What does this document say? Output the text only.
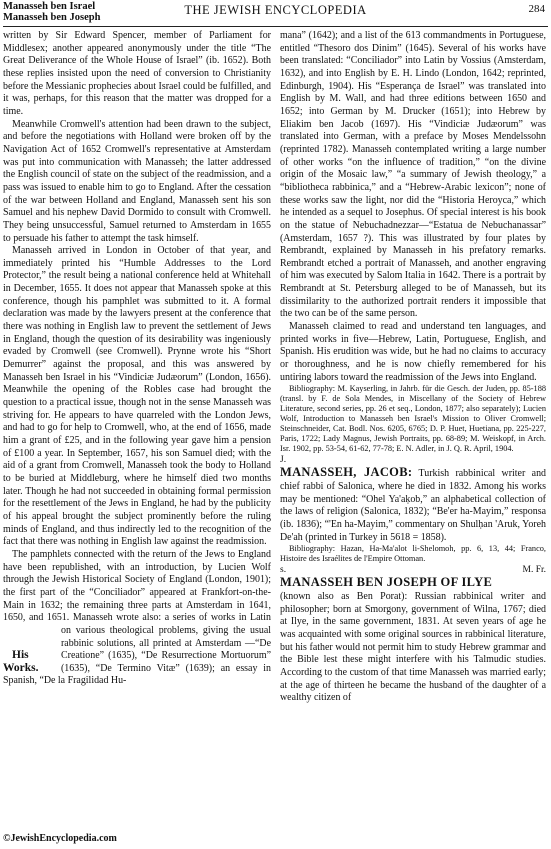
Manasseh ben Israel
Manasseh ben Joseph
THE JEWISH ENCYCLOPEDIA	284

written by Sir Edward Spencer, member of Parliament for Middlesex; another appeared anonymously under the title “The Great Deliverance of the Whole House of Israel” (ib. 1652). Both these replies insisted upon the need of conversion to Christianity before the Messianic prophecies about Israel could be fulfilled, and it was, perhaps, for this reason that the matter was dropped for a time.

Meanwhile Cromwell's attention had been drawn to the subject, and before the negotiations with Holland were broken off by the Navigation Act of 1652 Cromwell's representative at Amsterdam was put into communication with Manasseh; the latter addressed the English council of state on the subject of the readmission, and a pass was issued to enable him to go to England. After the cessation of the war between Holland and England, Manasseh sent his son Samuel and his nephew David Dormido to consult with Cromwell. They being unsuccessful, Samuel returned to Amsterdam in 1655 to persuade his father to attempt the task himself.

Manasseh arrived in London in October of that year, and immediately printed his “Humble Addresses to the Lord Protector,” the result being a national conference held at Whitehall in December, 1655. It does not appear that Manasseh spoke at this conference, though his pamphlet was submitted to it. A formal declaration was made by the lawyers present at the conference that there was nothing in English law to prevent the settlement of Jews in England, though the question of its desirability was ingeniously evaded by Cromwell (see Cromwell). Prynne wrote his “Short Demurrer” against the proposal, and this was answered by Manasseh ben Israel in his “Vindiciæ Judæorum” (London, 1656). Meanwhile the opening of the Robles case had brought the question to a practical issue, though not in the sense Manasseh was striving for. He appears to have quarreled with the London Jews, and had to go for help to Cromwell, who, at the end of 1656, made him a grant of £25, and in the following year gave him a pension of £100 a year. In September, 1657, his son Samuel died; with the aid of a grant from Cromwell, Manasseh took the body to Holland to be buried at Middleburg, where he himself died two months later. Though he had not succeeded in obtaining formal permission for the resettlement of the Jews in England, he had by the publicity of his appeal brought the subject prominently before the ruling minds of England, and thus indirectly led to the recognition of the fact that there was nothing in English law against the readmission.

The pamphlets connected with the return of the Jews to England have been republished, with an introduction, by Lucien Wolf through the Jewish Historical Society of England (London, 1901); the first part of the “Conciliador” appeared at Frankfort-on-the-Main in 1632; the remaining three parts at Amsterdam in 1641, 1650, and 1651. Manasseh wrote also: a series of works in Latin on various theological
His Works.
problems, giving the usual rabbinic solutions, all printed at Amsterdam —“De Creatione” (1635), “De Resurrectione Mortuorum” (1635), “De Termino Vitæ” (1639); an essay in Spanish, “De la Fragilidad Hu-

mana” (1642); and a list of the 613 commandments in Portuguese, entitled “Thesoro dos Dinim” (1645). Several of his works have been translated: “Conciliador” into Latin by Vossius (Amsterdam, 1632), and into English by E. H. Lindo (London, 1642; reprinted, Edinburgh, 1904). His “Esperança de Israel” was translated into English by M. Wall, and had three editions between 1650 and 1652; into German by M. Drucker (1651); into Hebrew by Eliakim ben Jacob (1697). His “Vindiciæ Judæorum” was translated into German, with a preface by Moses Mendelssohn (reprinted 1782). Manasseh contemplated writing a large number of other works “on the influence of tradition,” “on the divine origin of the Mosaic law,” “a summary of Jewish theology,” a “bibliotheca rabbinica,” and a “Hebrew-Arabic lexicon”; none of these works saw the light, nor did the “Historia Heroyca,” which he intended as a sequel to Josephus. Of special interest is his book on the statue of Nebuchadnezzar—“Estatua de Nebuchanassar” (Amsterdam, 1657 ?). This was illustrated by four plates by Rembrandt, explained by Manasseh in his prefatory remarks. Rembrandt etched a portrait of Manasseh, and another engraving of him was executed by Salom Italia in 1642. There is a portrait by Rembrandt at St. Petersburg alleged to be of Manasseh, but its dissimilarity to the authorized portrait renders it impossible that the two can be of the same person.

Manasseh claimed to read and understand ten languages, and printed works in five—Hebrew, Latin, Portuguese, English, and Spanish. His erudition was wide, but he had no claims to accuracy or thoroughness, and he is now chiefly remembered for his untiring labors toward the readmission of the Jews into England.

Bibliography: M. Kayserling, in Jahrb. für die Gesch. der Juden, pp. 85-188 (transl. by F. de Sola Mendes, in Miscellany of the Society of Hebrew Literature, second series, pp. 26 et seq., London, 1877; also separately); Lucien Wolf, Introduction to Manasseh ben Israel's Mission to Oliver Cromwell; Steinschneider, Cat. Bodl. Nos. 6205, 6765; D. P. Huet, Huetiana, pp. 225-227, Paris, 1722; Lady Magnus, Jewish Portraits, pp. 68-89; M. Weiskopf, in Arch. Isr. 1902, pp. 53-54, 61-62, 77-78; E. N. Adler, in J. Q. R. April, 1904.

J.

MANASSEH, JACOB: Turkish rabbinical writer and chief rabbi of Salonica, where he died in 1832. Among his works may be mentioned: “Ohel Ya'aḳob,” an alphabetical collection of the laws of religion (Salonica, 1832); “Be'er ha-Mayim,” responsa (ib. 1836); “'En ha-Mayim,” commentary on Shulḥan 'Aruk, Yoreh De'ah (printed in Turkey in 5618 = 1858).

Bibliography: Hazan, Ha-Ma'alot li-Shelomoh, pp. 6, 13, 44; Franco, Histoire des Israélites de l'Empire Ottoman.

s.	M. Fr.

MANASSEH BEN JOSEPH OF ILYE
(known also as Ben Porat): Russian rabbinical writer and philosopher; born at Smorgony, government of Wilna, 1767; died at Ilye, in the same government, 1831. At seven years of age he was acquainted with some original sources in rabbinical literature, but his father would not permit him to study Hebrew grammar and the Bible lest these might interfere with his Talmudic studies. According to the custom of that time Manasseh was married early; at the age of thirteen he became the husband of the daughter of a wealthy citizen of

©JewishEncyclopedia.com
